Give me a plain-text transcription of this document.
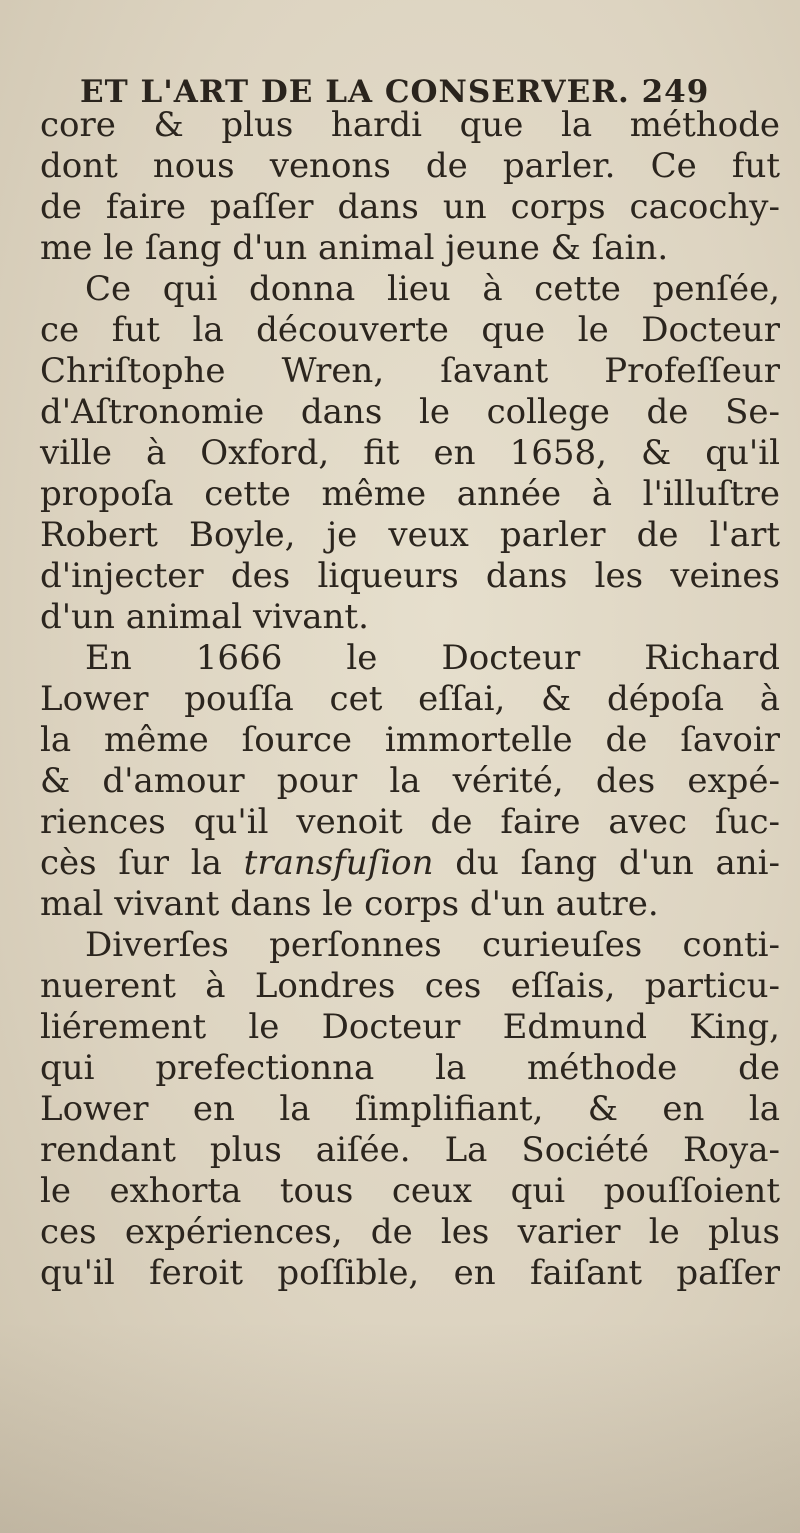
ET L'ART DE LA CONSERVER. 249
core & plus hardi que la méthode
dont nous venons de parler. Ce fut
de faire paſſer dans un corps cacochy-
me le ſang d'un animal jeune & ſain.
Ce qui donna lieu à cette penſée,
ce fut la découverte que le Docteur
Chriſtophe Wren, ſavant Profeſſeur
d'Aſtronomie dans le college de Se-
ville à Oxford, fit en 1658, & qu'il
propoſa cette même année à l'illuſtre
Robert Boyle, je veux parler de l'art
d'injecter des liqueurs dans les veines
d'un animal vivant.
En 1666 le Docteur Richard
Lower pouſſa cet eſſai, & dépoſa à
la même ſource immortelle de ſavoir
& d'amour pour la vérité, des expé-
riences qu'il venoit de faire avec ſuc-
cès ſur la transfuſion du ſang d'un ani-
mal vivant dans le corps d'un autre.
Diverſes perſonnes curieuſes conti-
nuerent à Londres ces eſſais, particu-
liérement le Docteur Edmund King,
qui prefectionna la méthode de
Lower en la ſimplifiant, & en la
rendant plus aiſée. La Société Roya-
le exhorta tous ceux qui pouſſoient
ces expériences, de les varier le plus
qu'il feroit poſſible, en faiſant paſſer
